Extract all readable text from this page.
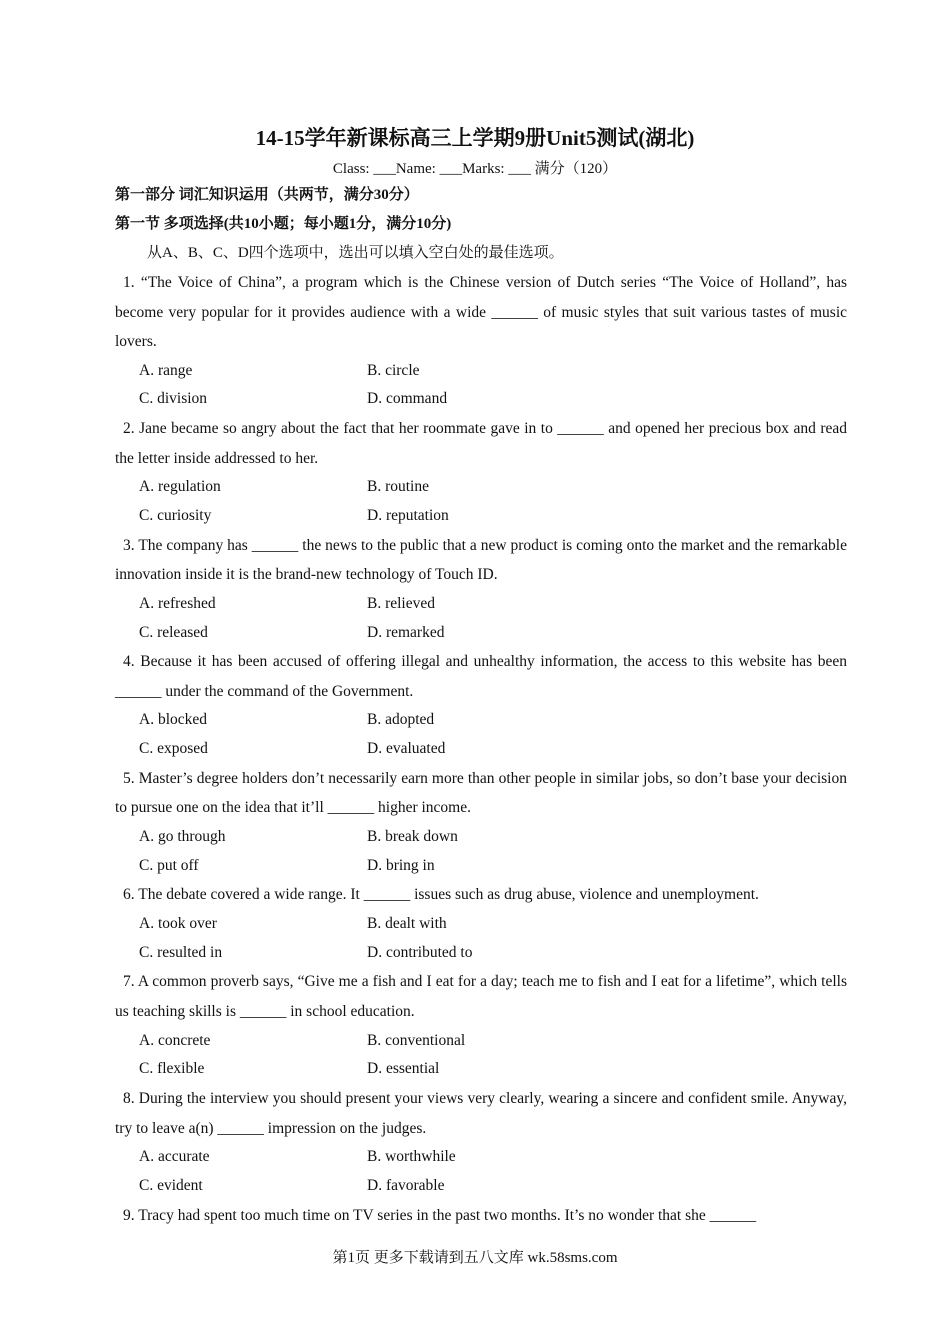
14-15学年新课标高三上学期9册Unit5测试(湖北)
Class: ___Name: ___Marks: ___ 满分（120）
第一部分 词汇知识运用（共两节，满分30分）
第一节 多项选择(共10小题；每小题1分，满分10分)
从A、B、C、D四个选项中，选出可以填入空白处的最佳选项。
1. “The Voice of China”, a program which is the Chinese version of Dutch series “The Voice of Holland”, has become very popular for it provides audience with a wide ______ of music styles that suit various tastes of music lovers.
A. range	B. circle
C. division	D. command
2. Jane became so angry about the fact that her roommate gave in to ______ and opened her precious box and read the letter inside addressed to her.
A. regulation	B. routine
C. curiosity	D. reputation
3. The company has ______ the news to the public that a new product is coming onto the market and the remarkable innovation inside it is the brand-new technology of Touch ID.
A. refreshed	B. relieved
C. released	D. remarked
4. Because it has been accused of offering illegal and unhealthy information, the access to this website has been ______ under the command of the Government.
A. blocked	B. adopted
C. exposed	D. evaluated
5. Master’s degree holders don’t necessarily earn more than other people in similar jobs, so don’t base your decision to pursue one on the idea that it’ll ______ higher income.
A. go through	B. break down
C. put off	D. bring in
6. The debate covered a wide range. It ______ issues such as drug abuse, violence and unemployment.
A. took over	B. dealt with
C. resulted in	D. contributed to
7. A common proverb says, “Give me a fish and I eat for a day; teach me to fish and I eat for a lifetime”, which tells us teaching skills is ______ in school education.
A. concrete	B. conventional
C. flexible	D. essential
8. During the interview you should present your views very clearly, wearing a sincere and confident smile. Anyway, try to leave a(n) ______ impression on the judges.
A. accurate	B. worthwhile
C. evident	D. favorable
9. Tracy had spent too much time on TV series in the past two months. It’s no wonder that she ______
第1页 更多下载请到五八文库 wk.58sms.com
